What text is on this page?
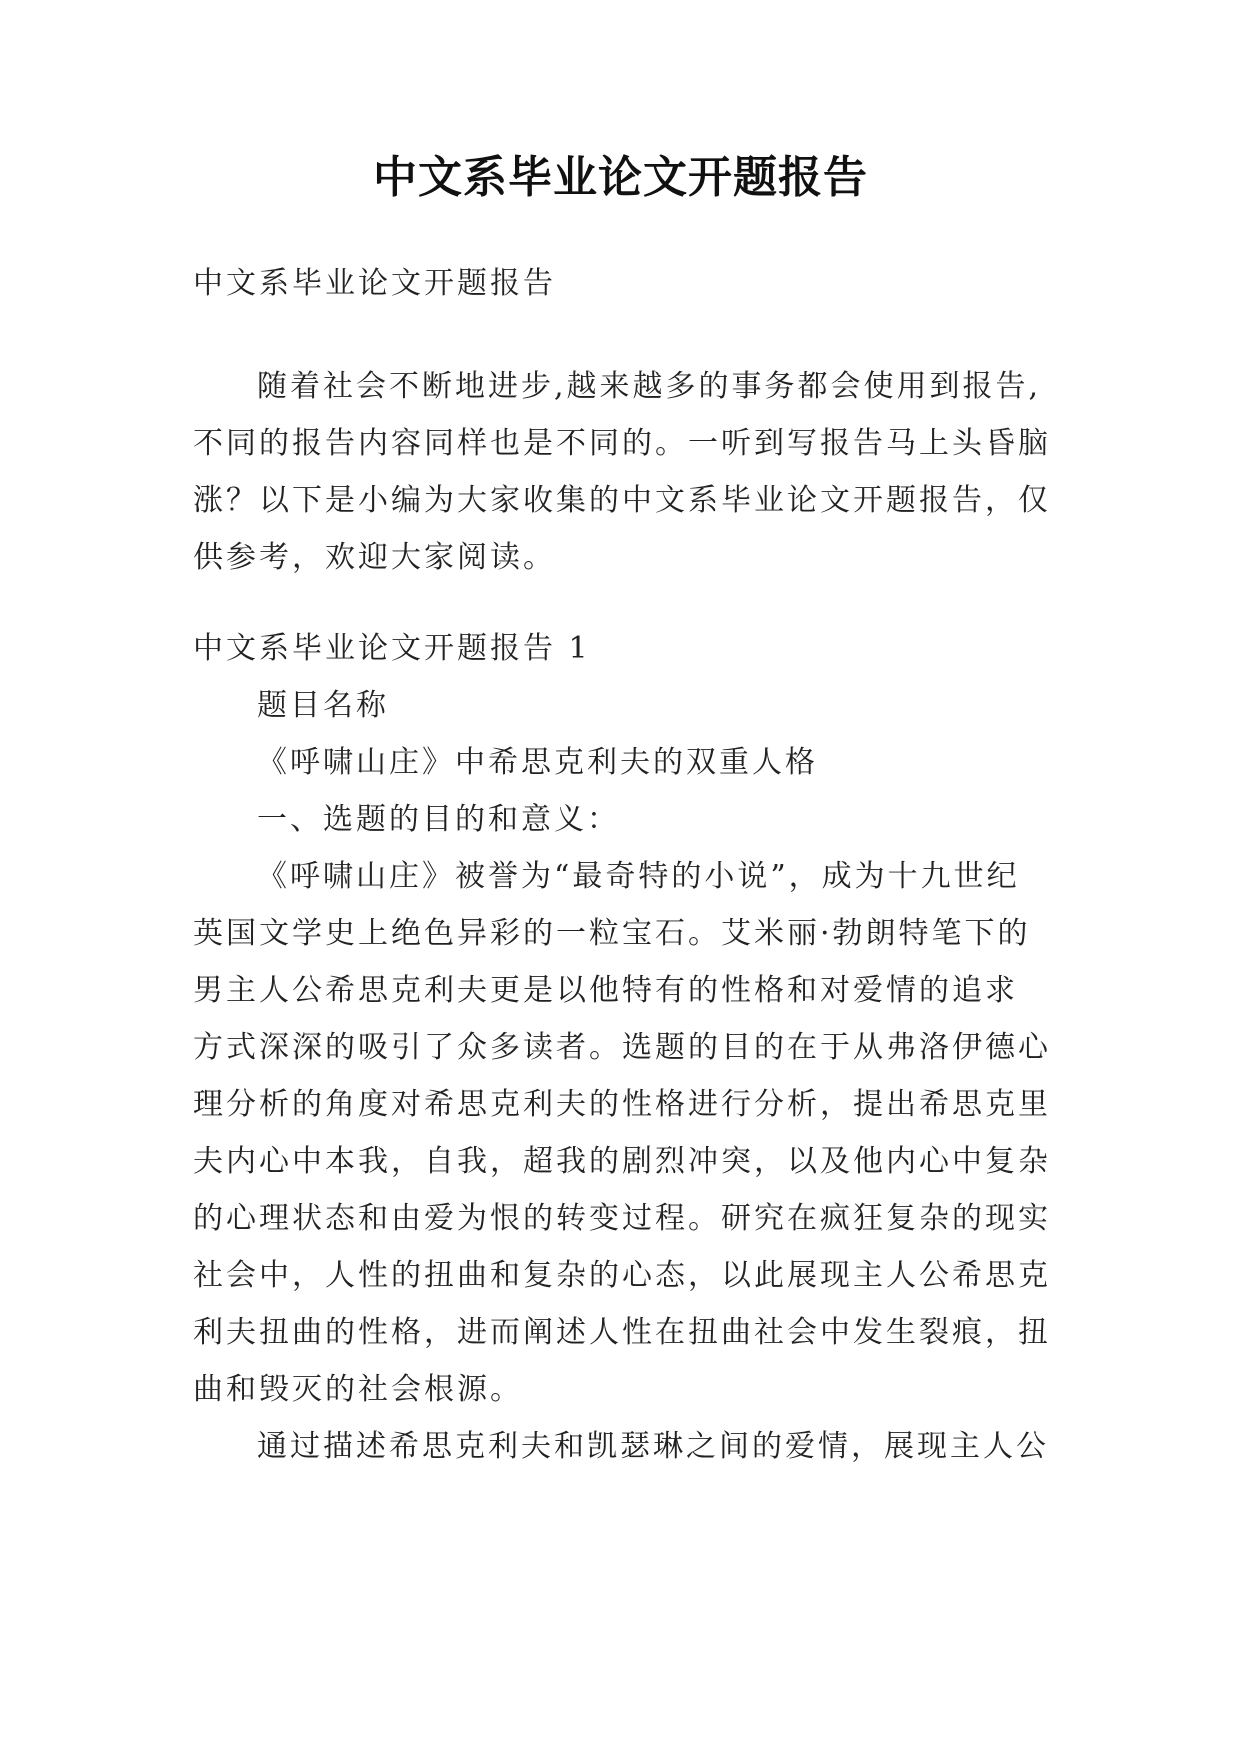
中文系毕业论文开题报告
中文系毕业论文开题报告
随着社会不断地进步,越来越多的事务都会使用到报告,
不同的报告内容同样也是不同的。一听到写报告马上头昏脑
涨？以下是小编为大家收集的中文系毕业论文开题报告，仅
供参考，欢迎大家阅读。
中文系毕业论文开题报告 1
题目名称
《呼啸山庄》中希思克利夫的双重人格
一、选题的目的和意义：
《呼啸山庄》被誉为“最奇特的小说”，成为十九世纪
英国文学史上绝色异彩的一粒宝石。艾米丽·勃朗特笔下的
男主人公希思克利夫更是以他特有的性格和对爱情的追求
方式深深的吸引了众多读者。选题的目的在于从弗洛伊德心
理分析的角度对希思克利夫的性格进行分析，提出希思克里
夫内心中本我，自我，超我的剧烈冲突，以及他内心中复杂
的心理状态和由爱为恨的转变过程。研究在疯狂复杂的现实
社会中，人性的扭曲和复杂的心态，以此展现主人公希思克
利夫扭曲的性格，进而阐述人性在扭曲社会中发生裂痕，扭
曲和毁灭的社会根源。
通过描述希思克利夫和凯瑟琳之间的爱情，展现主人公
